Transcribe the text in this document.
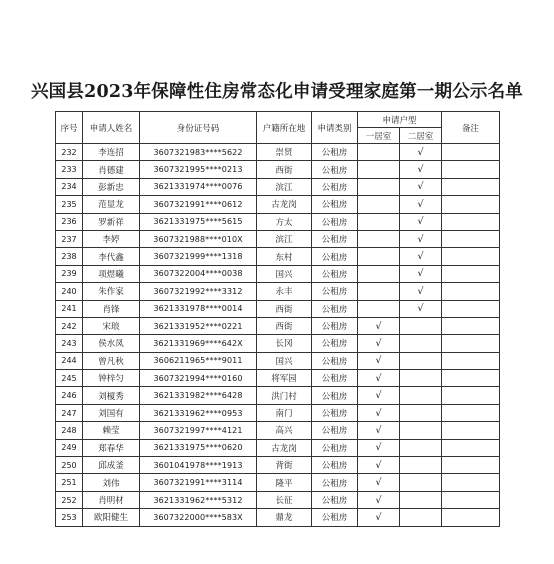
兴国县2023年保障性住房常态化申请受理家庭第一期公示名单
序号	申请人姓名	身份证号码	户籍所在地	申请类别	申请户型		备注
					一居室	二居室	
232	李连招	3607321983****5622	崇贤	公租房		√	
233	肖德建	3607321995****0213	西街	公租房		√	
234	彭新忠	3621331974****0076	滨江	公租房		√	
235	范显龙	3607321991****0612	古龙岗	公租房		√	
236	罗新祥	3621331975****5615	方太	公租房		√	
237	李婷	3607321988****010X	滨江	公租房		√	
238	李代鑫	3607321999****1318	东村	公租房		√	
239	项煜曦	3607322004****0038	国兴	公租房		√	
240	朱作家	3607321992****3312	永丰	公租房		√	
241	肖锋	3621331978****0014	西街	公租房		√	
242	宋琅	3621331952****0221	西街	公租房	√		
243	侯水凤	3621331969****642X	长冈	公租房	√		
244	曾凡秋	3606211965****9011	国兴	公租房	√		
245	钟梓匀	3607321994****0160	将军园	公租房	√		
246	刘榎秀	3621331982****6428	洪门村	公租房	√		
247	刘国有	3621331962****0953	南门	公租房	√		
248	赖莹	3607321997****4121	高兴	公租房	√		
249	郑春华	3621331975****0620	古龙岗	公租房	√		
250	邱成釜	3601041978****1913	背街	公租房	√		
251	刘伟	3607321991****3114	隆平	公租房	√		
252	肖明材	3621331962****5312	长征	公租房	√		
253	欧阳健生	3607322000****583X	鼎龙	公租房	√		
